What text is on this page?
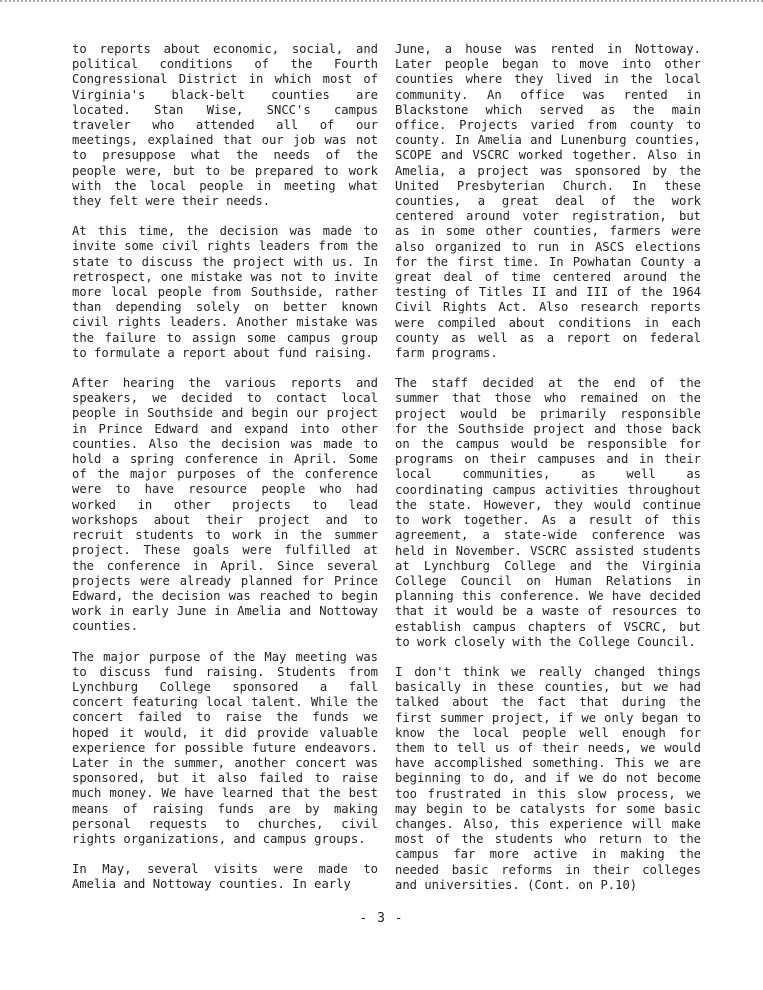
to reports about economic, social, and political conditions of the Fourth Congressional District in which most of Virginia's black-belt counties are located. Stan Wise, SNCC's campus traveler who attended all of our meetings, explained that our job was not to presuppose what the needs of the people were, but to be prepared to work with the local people in meeting what they felt were their needs.

At this time, the decision was made to invite some civil rights leaders from the state to discuss the project with us. In retrospect, one mistake was not to invite more local people from Southside, rather than depending solely on better known civil rights leaders. Another mistake was the failure to assign some campus group to formulate a report about fund raising.

After hearing the various reports and speakers, we decided to contact local people in Southside and begin our project in Prince Edward and expand into other counties. Also the decision was made to hold a spring conference in April. Some of the major purposes of the conference were to have resource people who had worked in other projects to lead workshops about their project and to recruit students to work in the summer project. These goals were fulfilled at the conference in April. Since several projects were already planned for Prince Edward, the decision was reached to begin work in early June in Amelia and Nottoway counties.

The major purpose of the May meeting was to discuss fund raising. Students from Lynchburg College sponsored a fall concert featuring local talent. While the concert failed to raise the funds we hoped it would, it did provide valuable experience for possible future endeavors. Later in the summer, another concert was sponsored, but it also failed to raise much money. We have learned that the best means of raising funds are by making personal requests to churches, civil rights organizations, and campus groups.

In May, several visits were made to Amelia and Nottoway counties. In early

June, a house was rented in Nottoway. Later people began to move into other counties where they lived in the local community. An office was rented in Blackstone which served as the main office. Projects varied from county to county. In Amelia and Lunenburg counties, SCOPE and VSCRC worked together. Also in Amelia, a project was sponsored by the United Presbyterian Church. In these counties, a great deal of the work centered around voter registration, but as in some other counties, farmers were also organized to run in ASCS elections for the first time. In Powhatan County a great deal of time centered around the testing of Titles II and III of the 1964 Civil Rights Act. Also research reports were compiled about conditions in each county as well as a report on federal farm programs.

The staff decided at the end of the summer that those who remained on the project would be primarily responsible for the Southside project and those back on the campus would be responsible for programs on their campuses and in their local communities, as well as coordinating campus activities throughout the state. However, they would continue to work together. As a result of this agreement, a state-wide conference was held in November. VSCRC assisted students at Lynchburg College and the Virginia College Council on Human Relations in planning this conference. We have decided that it would be a waste of resources to establish campus chapters of VSCRC, but to work closely with the College Council.

I don't think we really changed things basically in these counties, but we had talked about the fact that during the first summer project, if we only began to know the local people well enough for them to tell us of their needs, we would have accomplished something. This we are beginning to do, and if we do not become too frustrated in this slow process, we may begin to be catalysts for some basic changes. Also, this experience will make most of the students who return to the campus far more active in making the needed basic reforms in their colleges and universities. (Cont. on P.10)

- 3 -
